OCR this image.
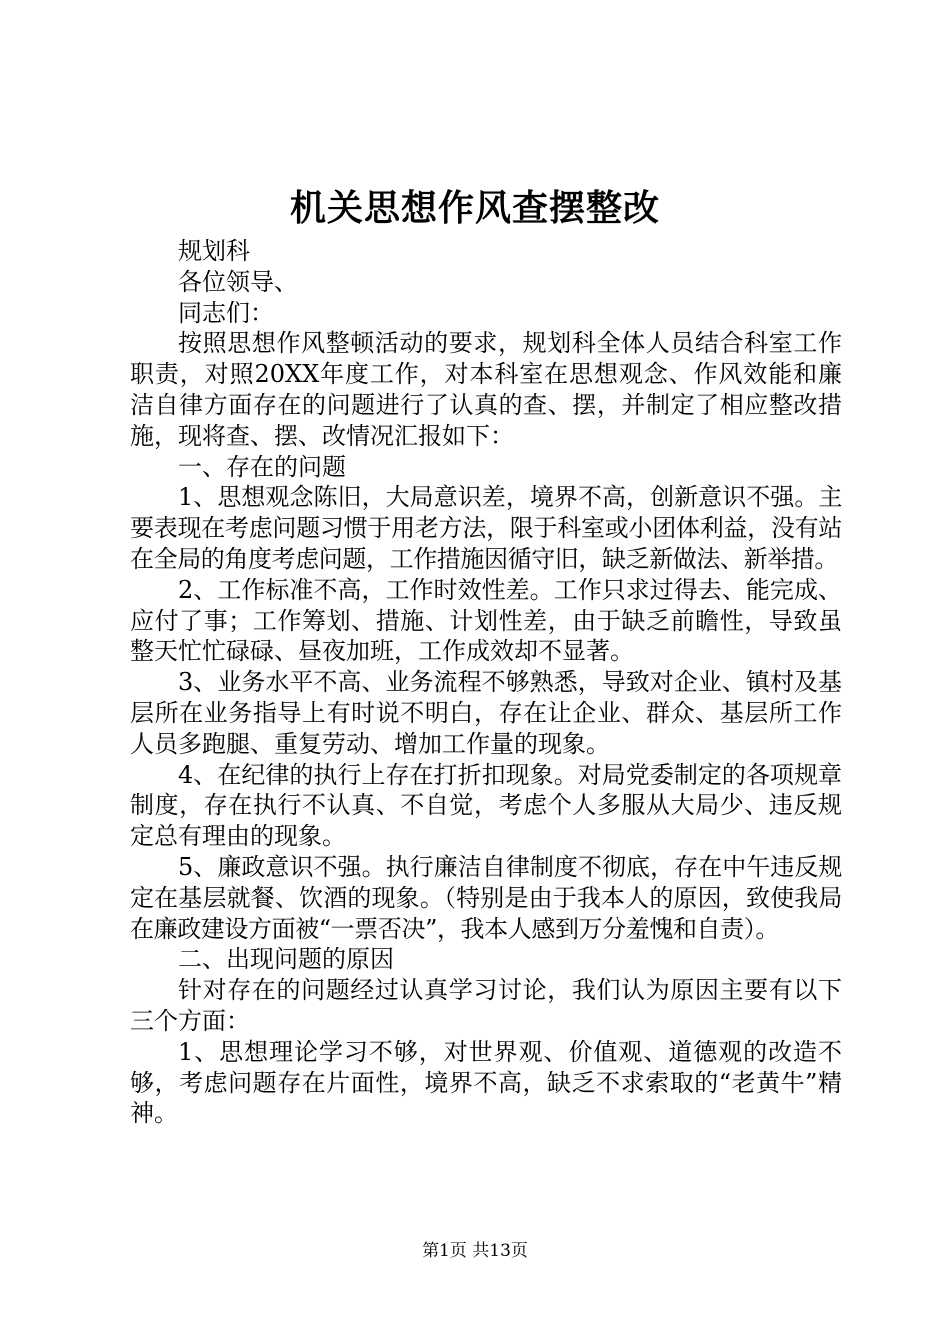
机关思想作风查摆整改

规划科

各位领导、

同志们：

按照思想作风整顿活动的要求，规划科全体人员结合科室工作职责，对照20XX年度工作，对本科室在思想观念、作风效能和廉洁自律方面存在的问题进行了认真的查、摆，并制定了相应整改措施，现将查、摆、改情况汇报如下：

一、存在的问题

1、思想观念陈旧，大局意识差，境界不高，创新意识不强。主要表现在考虑问题习惯于用老方法，限于科室或小团体利益，没有站在全局的角度考虑问题，工作措施因循守旧，缺乏新做法、新举措。

2、工作标准不高，工作时效性差。工作只求过得去、能完成、应付了事；工作筹划、措施、计划性差，由于缺乏前瞻性，导致虽整天忙忙碌碌、昼夜加班，工作成效却不显著。

3、业务水平不高、业务流程不够熟悉，导致对企业、镇村及基层所在业务指导上有时说不明白，存在让企业、群众、基层所工作人员多跑腿、重复劳动、增加工作量的现象。

4、在纪律的执行上存在打折扣现象。对局党委制定的各项规章制度，存在执行不认真、不自觉，考虑个人多服从大局少、违反规定总有理由的现象。

5、廉政意识不强。执行廉洁自律制度不彻底，存在中午违反规定在基层就餐、饮酒的现象。（特别是由于我本人的原因，致使我局在廉政建设方面被“一票否决”，我本人感到万分羞愧和自责）。

二、出现问题的原因

针对存在的问题经过认真学习讨论，我们认为原因主要有以下三个方面：

1、思想理论学习不够，对世界观、价值观、道德观的改造不够，考虑问题存在片面性，境界不高，缺乏不求索取的“老黄牛”精神。

第1页 共13页
